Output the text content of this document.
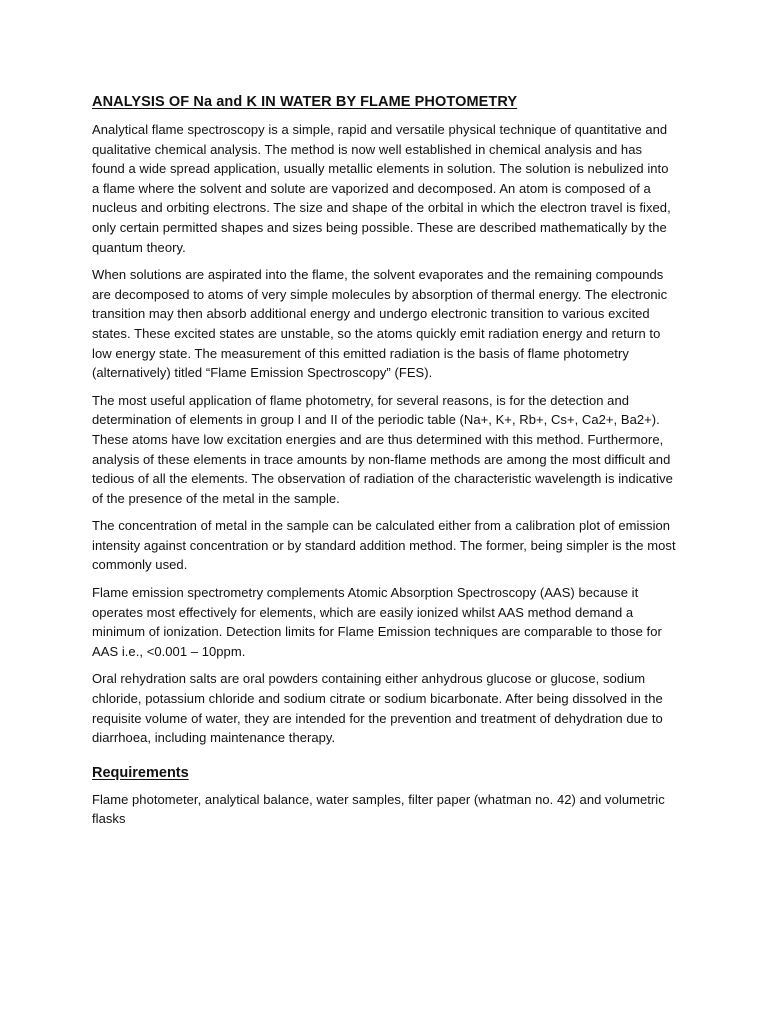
ANALYSIS OF Na and K IN WATER BY FLAME PHOTOMETRY

Analytical flame spectroscopy is a simple, rapid and versatile physical technique of quantitative and qualitative chemical analysis. The method is now well established in chemical analysis and has found a wide spread application, usually metallic elements in solution. The solution is nebulized into a flame where the solvent and solute are vaporized and decomposed. An atom is composed of a nucleus and orbiting electrons. The size and shape of the orbital in which the electron travel is fixed, only certain permitted shapes and sizes being possible. These are described mathematically by the quantum theory.

When solutions are aspirated into the flame, the solvent evaporates and the remaining compounds are decomposed to atoms of very simple molecules by absorption of thermal energy. The electronic transition may then absorb additional energy and undergo electronic transition to various excited states. These excited states are unstable, so the atoms quickly emit radiation energy and return to low energy state. The measurement of this emitted radiation is the basis of flame photometry (alternatively) titled “Flame Emission Spectroscopy” (FES).

The most useful application of flame photometry, for several reasons, is for the detection and determination of elements in group I and II of the periodic table (Na+, K+, Rb+, Cs+, Ca2+, Ba2+). These atoms have low excitation energies and are thus determined with this method. Furthermore, analysis of these elements in trace amounts by non-flame methods are among the most difficult and tedious of all the elements. The observation of radiation of the characteristic wavelength is indicative of the presence of the metal in the sample.

The concentration of metal in the sample can be calculated either from a calibration plot of emission intensity against concentration or by standard addition method. The former, being simpler is the most commonly used.

Flame emission spectrometry complements Atomic Absorption Spectroscopy (AAS) because it operates most effectively for elements, which are easily ionized whilst AAS method demand a minimum of ionization. Detection limits for Flame Emission techniques are comparable to those for AAS i.e., <0.001 – 10ppm.

Oral rehydration salts are oral powders containing either anhydrous glucose or glucose, sodium chloride, potassium chloride and sodium citrate or sodium bicarbonate. After being dissolved in the requisite volume of water, they are intended for the prevention and treatment of dehydration due to diarrhoea, including maintenance therapy.

Requirements

Flame photometer, analytical balance, water samples, filter paper (whatman no. 42) and volumetric flasks
